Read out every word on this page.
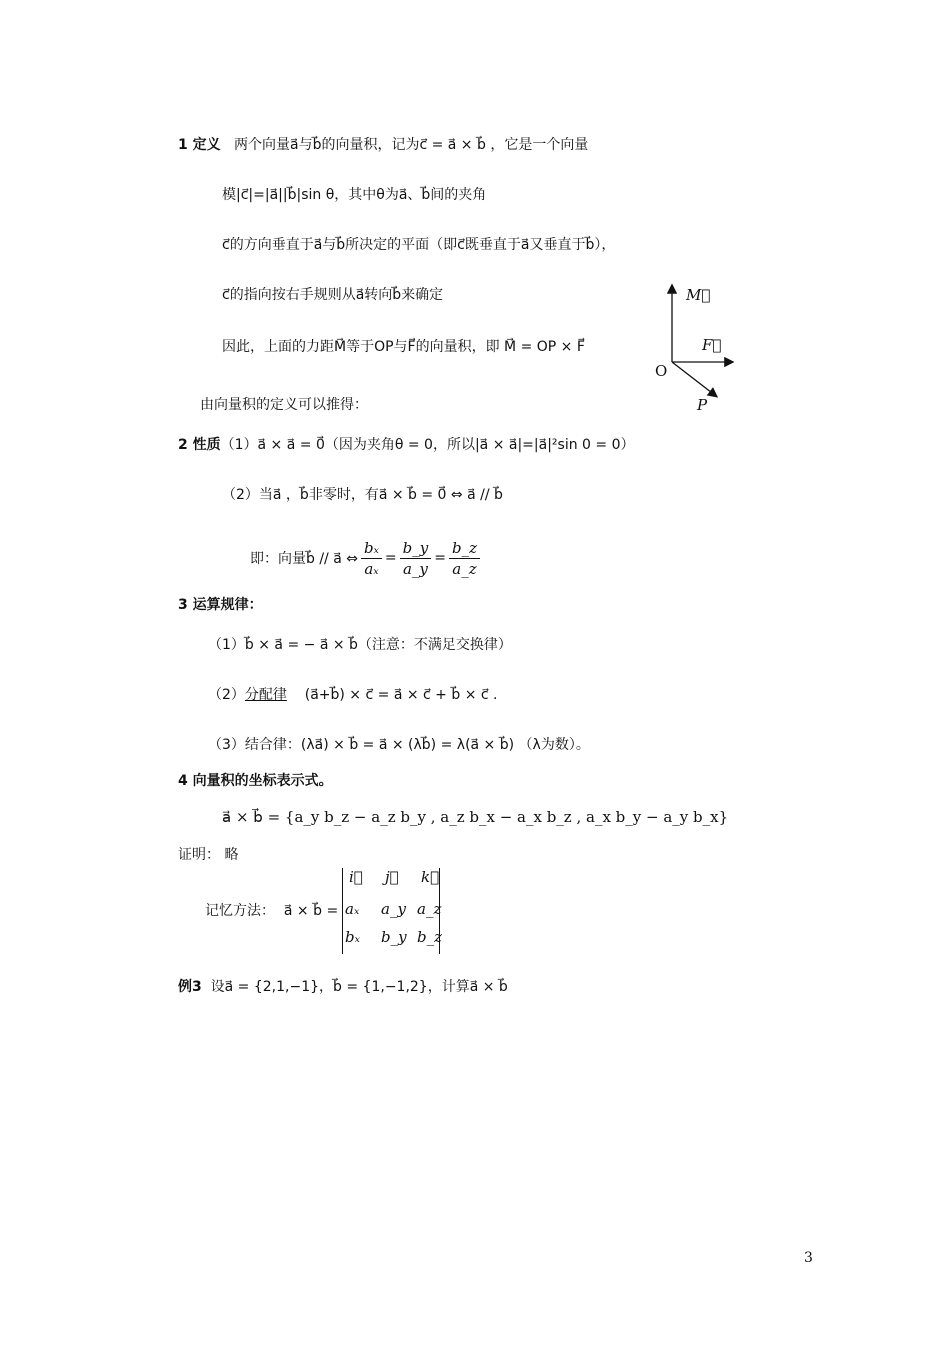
1 定义 两个向量a⃗与b⃗的向量积，记为c⃗ = a⃗ × b⃗ ，它是一个向量
模|c⃗|=|a⃗||b⃗|sin θ，其中θ为a⃗、b⃗间的夹角
c⃗的方向垂直于a⃗与b⃗所决定的平面（即c⃗既垂直于a⃗又垂直于b⃗），
c⃗的指向按右手规则从a⃗转向b⃗来确定
因此，上面的力距M⃗等于OP与F⃗的向量积，即 M⃗ = OP × F⃗
由向量积的定义可以推得：
M⃗
F⃗
O
P
2 性质（1）a⃗ × a⃗ = 0⃗（因为夹角θ = 0，所以|a⃗ × a⃗|=|a⃗|²sin 0 = 0）
（2）当a⃗ ，b⃗非零时，有a⃗ × b⃗ = 0⃗ ⇔ a⃗ // b⃗
即：向量b⃗ // a⃗ ⇔ $\frac{\text{bₓ}}{\text{aₓ}} = \frac{b\_y}{a\_y} = \frac{b\_z}{a\_z}$
3 运算规律：
（1）b⃗ × a⃗ = − a⃗ × b⃗（注意：不满足交换律）
（2）分配律 (a⃗+b⃗) × c⃗ = a⃗ × c⃗ + b⃗ × c⃗ .
（3）结合律：(λa⃗) × b⃗ = a⃗ × (λb⃗) = λ(a⃗ × b⃗) （λ为数）。
4 向量积的坐标表示式。
a⃗ × b⃗ = {a_y b_z − a_z b_y , a_z b_x − a_x b_z , a_x b_y − a_y b_x}
证明： 略
记忆方法： a⃗ × b⃗ =
i⃗ j⃗ k⃗
aₓ a_y a_z
bₓ b_y b_z
例3 设a⃗ = {2,1,−1}，b⃗ = {1,−1,2}，计算a⃗ × b⃗
3
